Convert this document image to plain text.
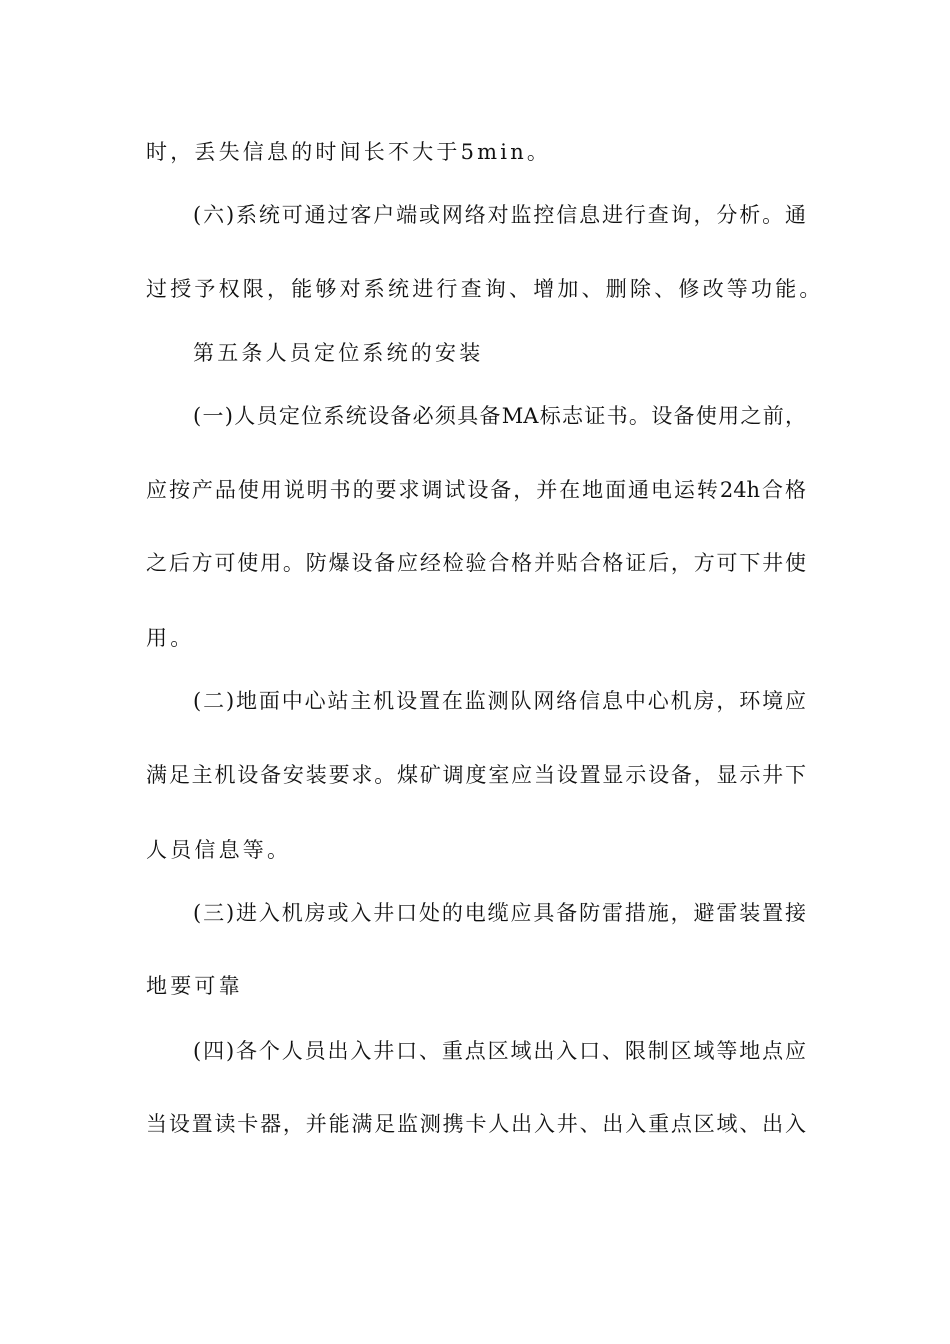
时，丢失信息的时间长不大于5min。
(六)系统可通过客户端或网络对监控信息进行查询，分析。通
过授予权限，能够对系统进行查询、增加、删除、修改等功能。
第五条人员定位系统的安装
(一)人员定位系统设备必须具备MA标志证书。设备使用之前，
应按产品使用说明书的要求调试设备，并在地面通电运转24h合格
之后方可使用。防爆设备应经检验合格并贴合格证后，方可下井使
用。
(二)地面中心站主机设置在监测队网络信息中心机房，环境应
满足主机设备安装要求。煤矿调度室应当设置显示设备，显示井下
人员信息等。
(三)进入机房或入井口处的电缆应具备防雷措施，避雷装置接
地要可靠
(四)各个人员出入井口、重点区域出入口、限制区域等地点应
当设置读卡器，并能满足监测携卡人出入井、出入重点区域、出入
